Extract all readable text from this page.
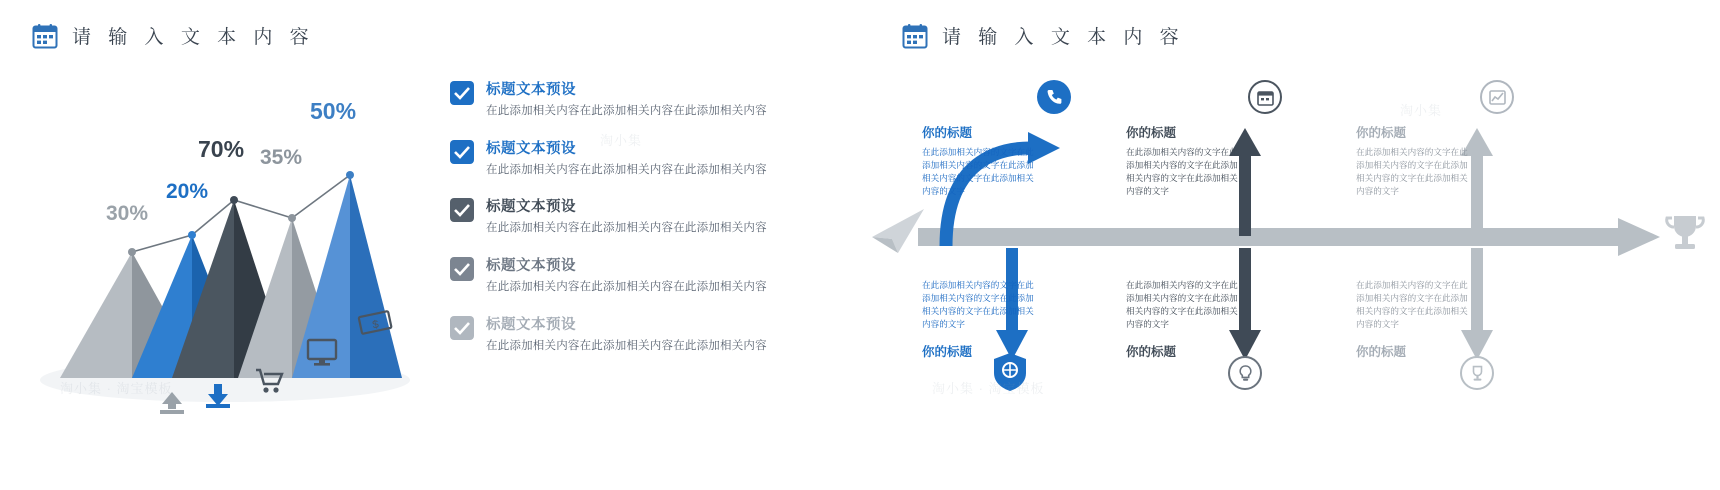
请 输 入 文 本 内 容
$
30%
20%
70% 35%
50%
标题文本预设
在此添加相关内容在此添加相关内容在此添加相关内容
标题文本预设
在此添加相关内容在此添加相关内容在此添加相关内容
标题文本预设
在此添加相关内容在此添加相关内容在此添加相关内容
标题文本预设
在此添加相关内容在此添加相关内容在此添加相关内容
标题文本预设
在此添加相关内容在此添加相关内容在此添加相关内容
淘小集
请 输 入 文 本 内 容
你的标题
在此添加相关内容的文字在此添加相关内容的文字在此添加相关内容的文字在此添加相关内容的文字
你的标题
在此添加相关内容的文字在此添加相关内容的文字在此添加相关内容的文字在此添加相关内容的文字
你的标题
在此添加相关内容的文字在此添加相关内容的文字在此添加相关内容的文字在此添加相关内容的文字
在此添加相关内容的文字在此添加相关内容的文字在此添加相关内容的文字在此添加相关内容的文字
你的标题
在此添加相关内容的文字在此添加相关内容的文字在此添加相关内容的文字在此添加相关内容的文字
你的标题
在此添加相关内容的文字在此添加相关内容的文字在此添加相关内容的文字在此添加相关内容的文字
你的标题
淘小集 · 淘宝模板
淘小集
